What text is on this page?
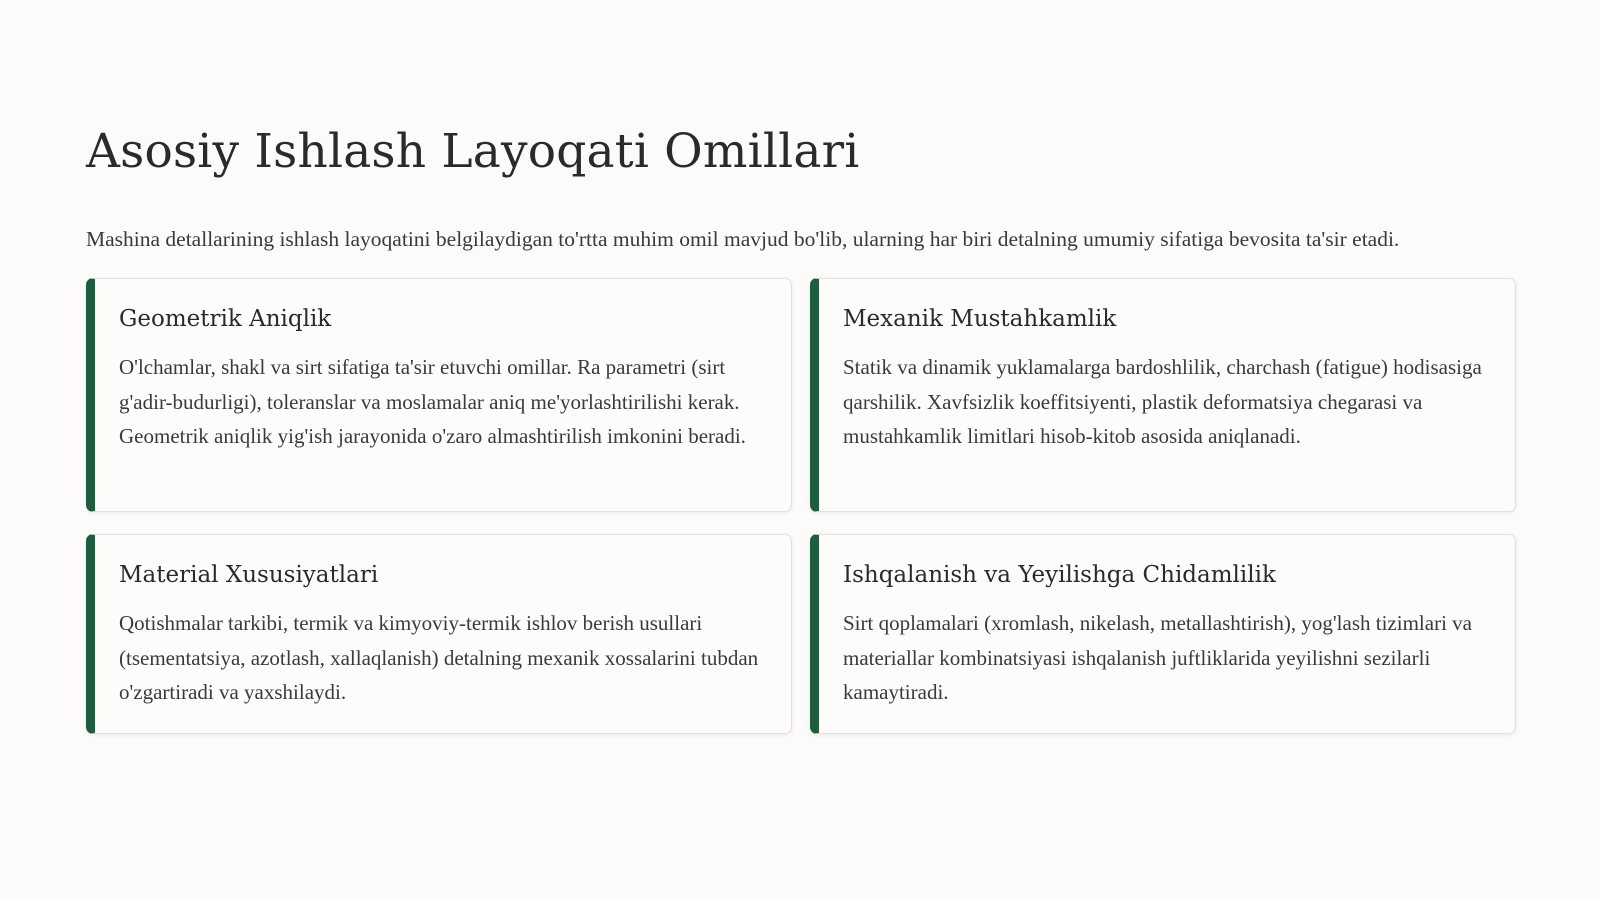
Asosiy Ishlash Layoqati Omillari

Mashina detallarining ishlash layoqatini belgilaydigan to'rtta muhim omil mavjud bo'lib, ularning har biri detalning umumiy sifatiga bevosita ta'sir etadi.

Geometrik Aniqlik

O'lchamlar, shakl va sirt sifatiga ta'sir etuvchi omillar. Ra parametri (sirt g'adir-budurligi), toleranslar va moslamalar aniq me'yorlashtirilishi kerak. Geometrik aniqlik yig'ish jarayonida o'zaro almashtirilish imkonini beradi.

Mexanik Mustahkamlik

Statik va dinamik yuklamalarga bardoshlilik, charchash (fatigue) hodisasiga qarshilik. Xavfsizlik koeffitsiyenti, plastik deformatsiya chegarasi va mustahkamlik limitlari hisob-kitob asosida aniqlanadi.

Material Xususiyatlari

Qotishmalar tarkibi, termik va kimyoviy-termik ishlov berish usullari (tsementatsiya, azotlash, xallaqlanish) detalning mexanik xossalarini tubdan o'zgartiradi va yaxshilaydi.

Ishqalanish va Yeyilishga Chidamlilik

Sirt qoplamalari (xromlash, nikelash, metallashtirish), yog'lash tizimlari va materiallar kombinatsiyasi ishqalanish juftliklarida yeyilishni sezilarli kamaytiradi.
